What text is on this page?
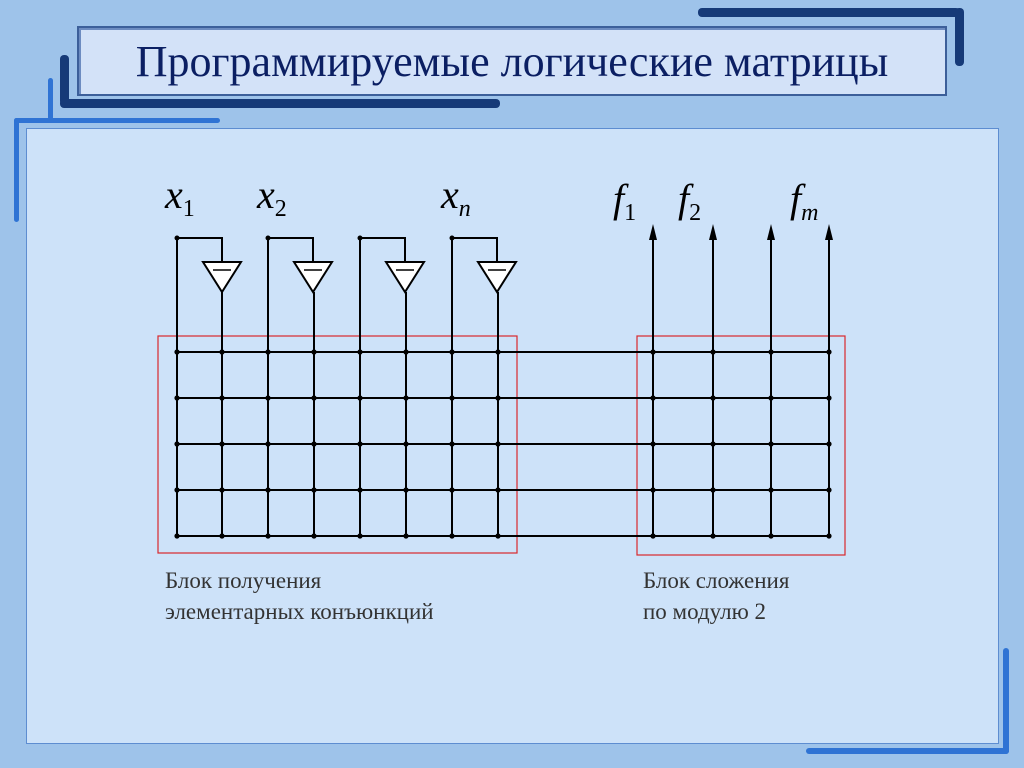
Программируемые логические матрицы
$x_1$ $x_2$	$x_n$	$f_1$ $f_2$ $f_m$
Блок получения
элементарных конъюнкций
Блок сложения
по модулю 2
